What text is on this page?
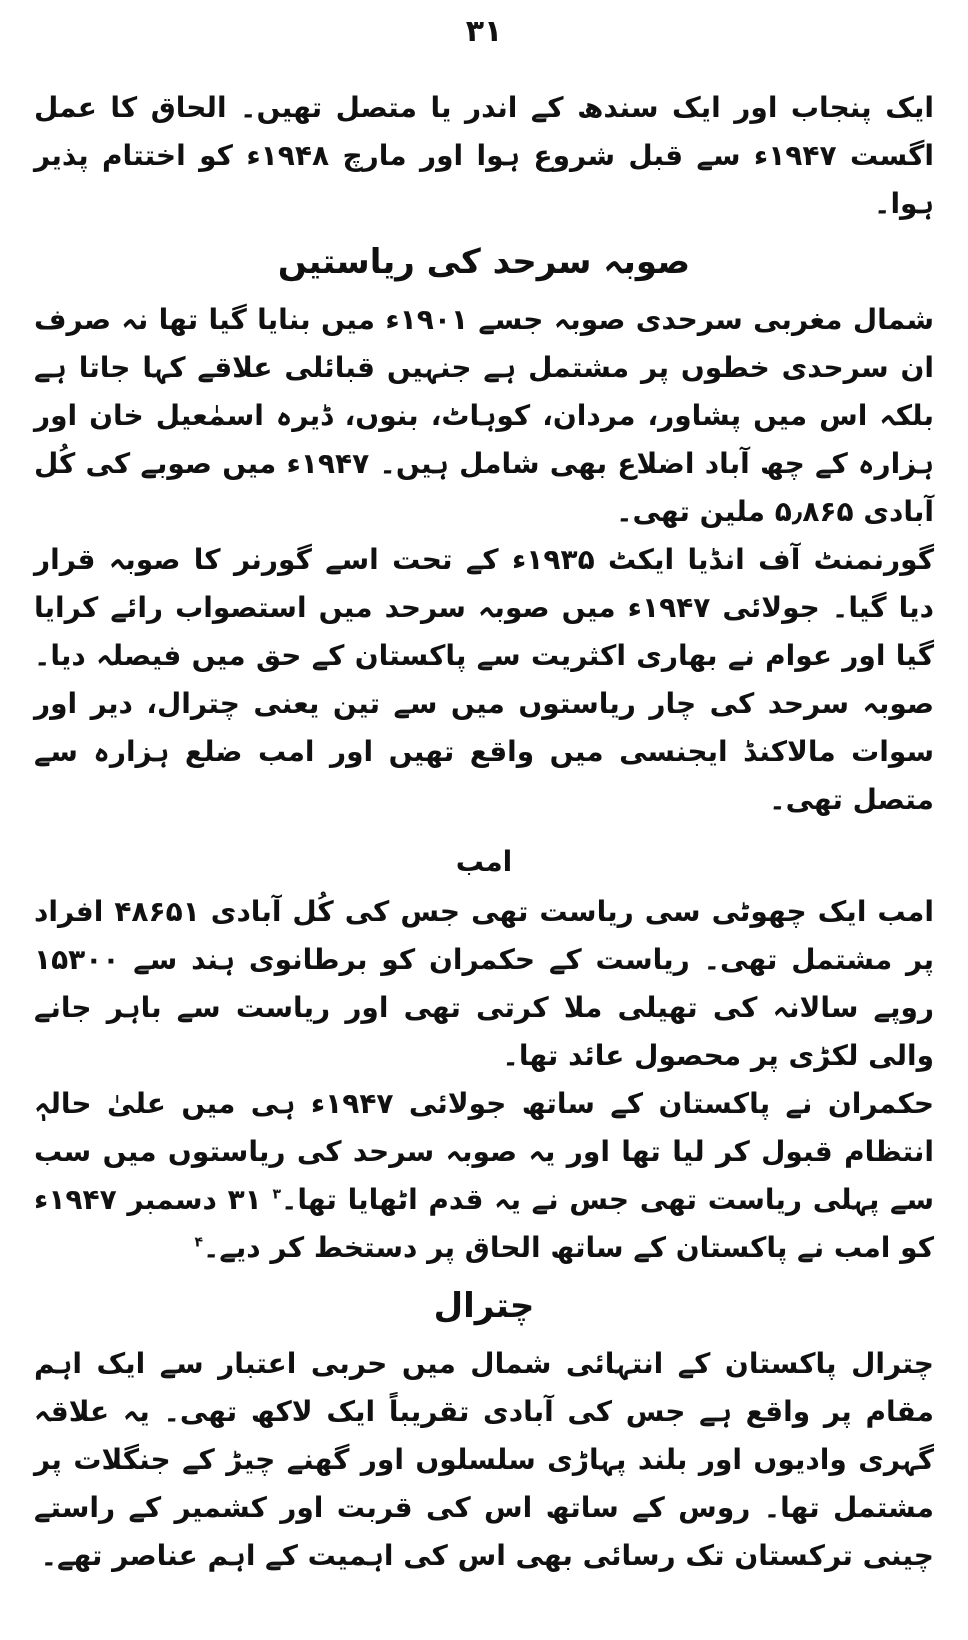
۳۱

ایک پنجاب اور ایک سندھ کے اندر یا متصل تھیں۔ الحاق کا عمل اگست ۱۹۴۷ء سے قبل شروع ہوا اور مارچ ۱۹۴۸ء کو اختتام پذیر ہوا۔

صوبہ سرحد کی ریاستیں

شمال مغربی سرحدی صوبہ جسے ۱۹۰۱ء میں بنایا گیا تھا نہ صرف ان سرحدی خطوں پر مشتمل ہے جنہیں قبائلی علاقے کہا جاتا ہے بلکہ اس میں پشاور، مردان، کوہاٹ، بنوں، ڈیرہ اسمٰعیل خان اور ہزارہ کے چھ آباد اضلاع بھی شامل ہیں۔ ۱۹۴۷ء میں صوبے کی کُل آبادی ۵٫۸۶۵ ملین تھی۔

گورنمنٹ آف انڈیا ایکٹ ۱۹۳۵ء کے تحت اسے گورنر کا صوبہ قرار دیا گیا۔ جولائی ۱۹۴۷ء میں صوبہ سرحد میں استصواب رائے کرایا گیا اور عوام نے بھاری اکثریت سے پاکستان کے حق میں فیصلہ دیا۔ صوبہ سرحد کی چار ریاستوں میں سے تین یعنی چترال، دیر اور سوات مالاکنڈ ایجنسی میں واقع تھیں اور امب ضلع ہزارہ سے متصل تھی۔

امب

امب ایک چھوٹی سی ریاست تھی جس کی کُل آبادی ۴۸۶۵۱ افراد پر مشتمل تھی۔ ریاست کے حکمران کو برطانوی ہند سے ۱۵۳۰۰ روپے سالانہ کی تھیلی ملا کرتی تھی اور ریاست سے باہر جانے والی لکڑی پر محصول عائد تھا۔

حکمران نے پاکستان کے ساتھ جولائی ۱۹۴۷ء ہی میں علیٰ حالہٖ انتظام قبول کر لیا تھا اور یہ صوبہ سرحد کی ریاستوں میں سب سے پہلی ریاست تھی جس نے یہ قدم اٹھایا تھا۔$^۳$ ۳۱ دسمبر ۱۹۴۷ء کو امب نے پاکستان کے ساتھ الحاق پر دستخط کر دیے۔$^۴$

چترال

چترال پاکستان کے انتہائی شمال میں حربی اعتبار سے ایک اہم مقام پر واقع ہے جس کی آبادی تقریباً ایک لاکھ تھی۔ یہ علاقہ گہری وادیوں اور بلند پہاڑی سلسلوں اور گھنے چیڑ کے جنگلات پر مشتمل تھا۔ روس کے ساتھ اس کی قربت اور کشمیر کے راستے چینی ترکستان تک رسائی بھی اس کی اہمیت کے اہم عناصر تھے۔
